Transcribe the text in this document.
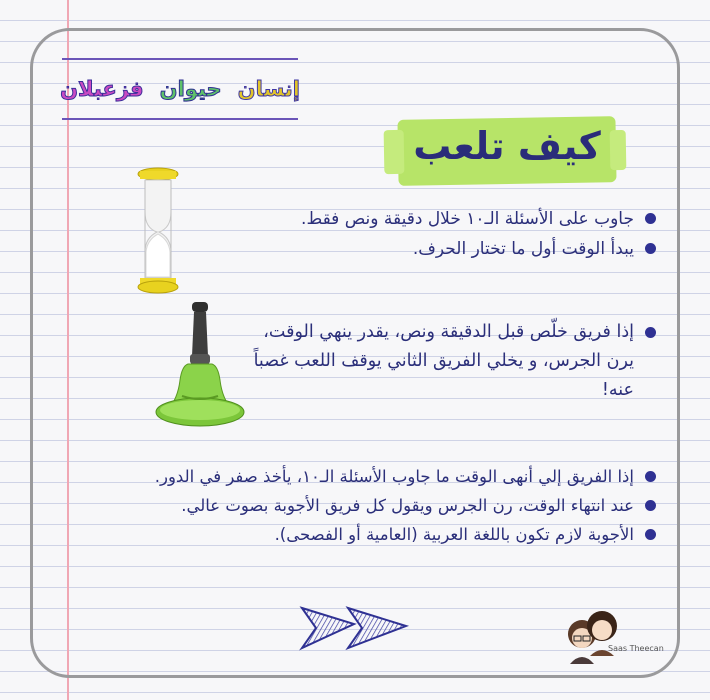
إنسان
حيوان
فزعبلان
كيف تلعب
جاوب على الأسئلة الـ١٠ خلال دقيقة ونص فقط.
يبدأ الوقت أول ما تختار الحرف.
إذا فريق خلّص قبل الدقيقة ونص، يقدر ينهي الوقت، يرن الجرس، و يخلي الفريق الثاني يوقف اللعب غصباً عنه!
إذا الفريق إلي أنهى الوقت ما جاوب الأسئلة الـ١٠، يأخذ صفر في الدور.
عند انتهاء الوقت، رن الجرس ويقول كل فريق الأجوبة بصوت عالي.
الأجوبة لازم تكون باللغة العربية (العامية أو الفصحى).
Saas Theecan
